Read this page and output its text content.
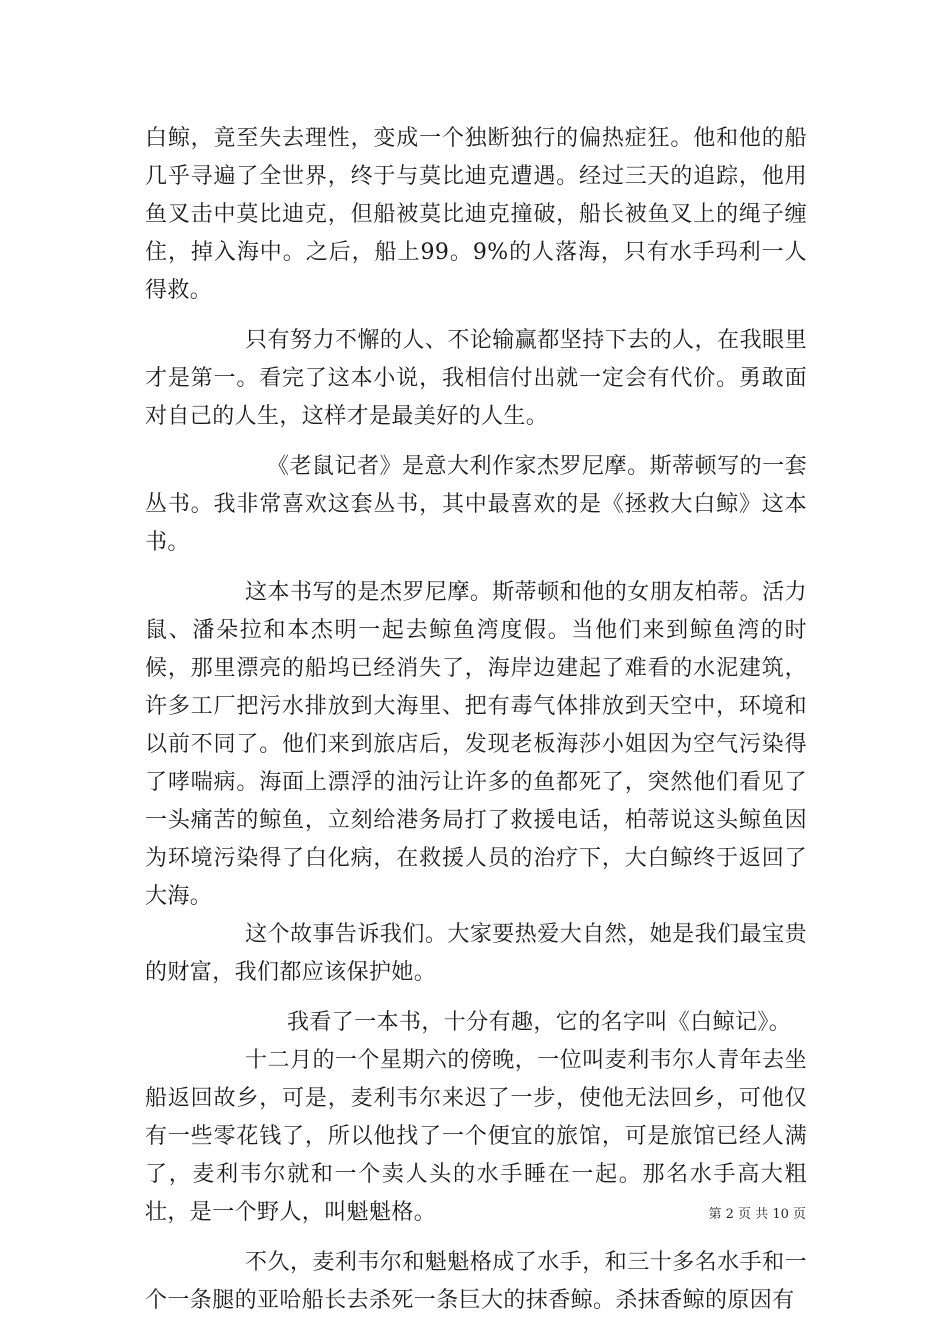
白鲸，竟至失去理性，变成一个独断独行的偏热症狂。他和他的船几乎寻遍了全世界，终于与莫比迪克遭遇。经过三天的追踪，他用鱼叉击中莫比迪克，但船被莫比迪克撞破，船长被鱼叉上的绳子缠住，掉入海中。之后，船上99。9%的人落海，只有水手玛利一人得救。

只有努力不懈的人、不论输赢都坚持下去的人，在我眼里才是第一。看完了这本小说，我相信付出就一定会有代价。勇敢面对自己的人生，这样才是最美好的人生。

《老鼠记者》是意大利作家杰罗尼摩。斯蒂顿写的一套丛书。我非常喜欢这套丛书，其中最喜欢的是《拯救大白鲸》这本书。

这本书写的是杰罗尼摩。斯蒂顿和他的女朋友柏蒂。活力鼠、潘朵拉和本杰明一起去鲸鱼湾度假。当他们来到鲸鱼湾的时候，那里漂亮的船坞已经消失了，海岸边建起了难看的水泥建筑，许多工厂把污水排放到大海里、把有毒气体排放到天空中，环境和以前不同了。他们来到旅店后，发现老板海莎小姐因为空气污染得了哮喘病。海面上漂浮的油污让许多的鱼都死了，突然他们看见了一头痛苦的鲸鱼，立刻给港务局打了救援电话，柏蒂说这头鲸鱼因为环境污染得了白化病，在救援人员的治疗下，大白鲸终于返回了大海。

这个故事告诉我们。大家要热爱大自然，她是我们最宝贵的财富，我们都应该保护她。

我看了一本书，十分有趣，它的名字叫《白鲸记》。

十二月的一个星期六的傍晚，一位叫麦利韦尔人青年去坐船返回故乡，可是，麦利韦尔来迟了一步，使他无法回乡，可他仅有一些零花钱了，所以他找了一个便宜的旅馆，可是旅馆已经人满了，麦利韦尔就和一个卖人头的水手睡在一起。那名水手高大粗壮，是一个野人，叫魁魁格。

不久，麦利韦尔和魁魁格成了水手，和三十多名水手和一个一条腿的亚哈船长去杀死一条巨大的抹香鲸。杀抹香鲸的原因有

第 2 页 共 10 页
